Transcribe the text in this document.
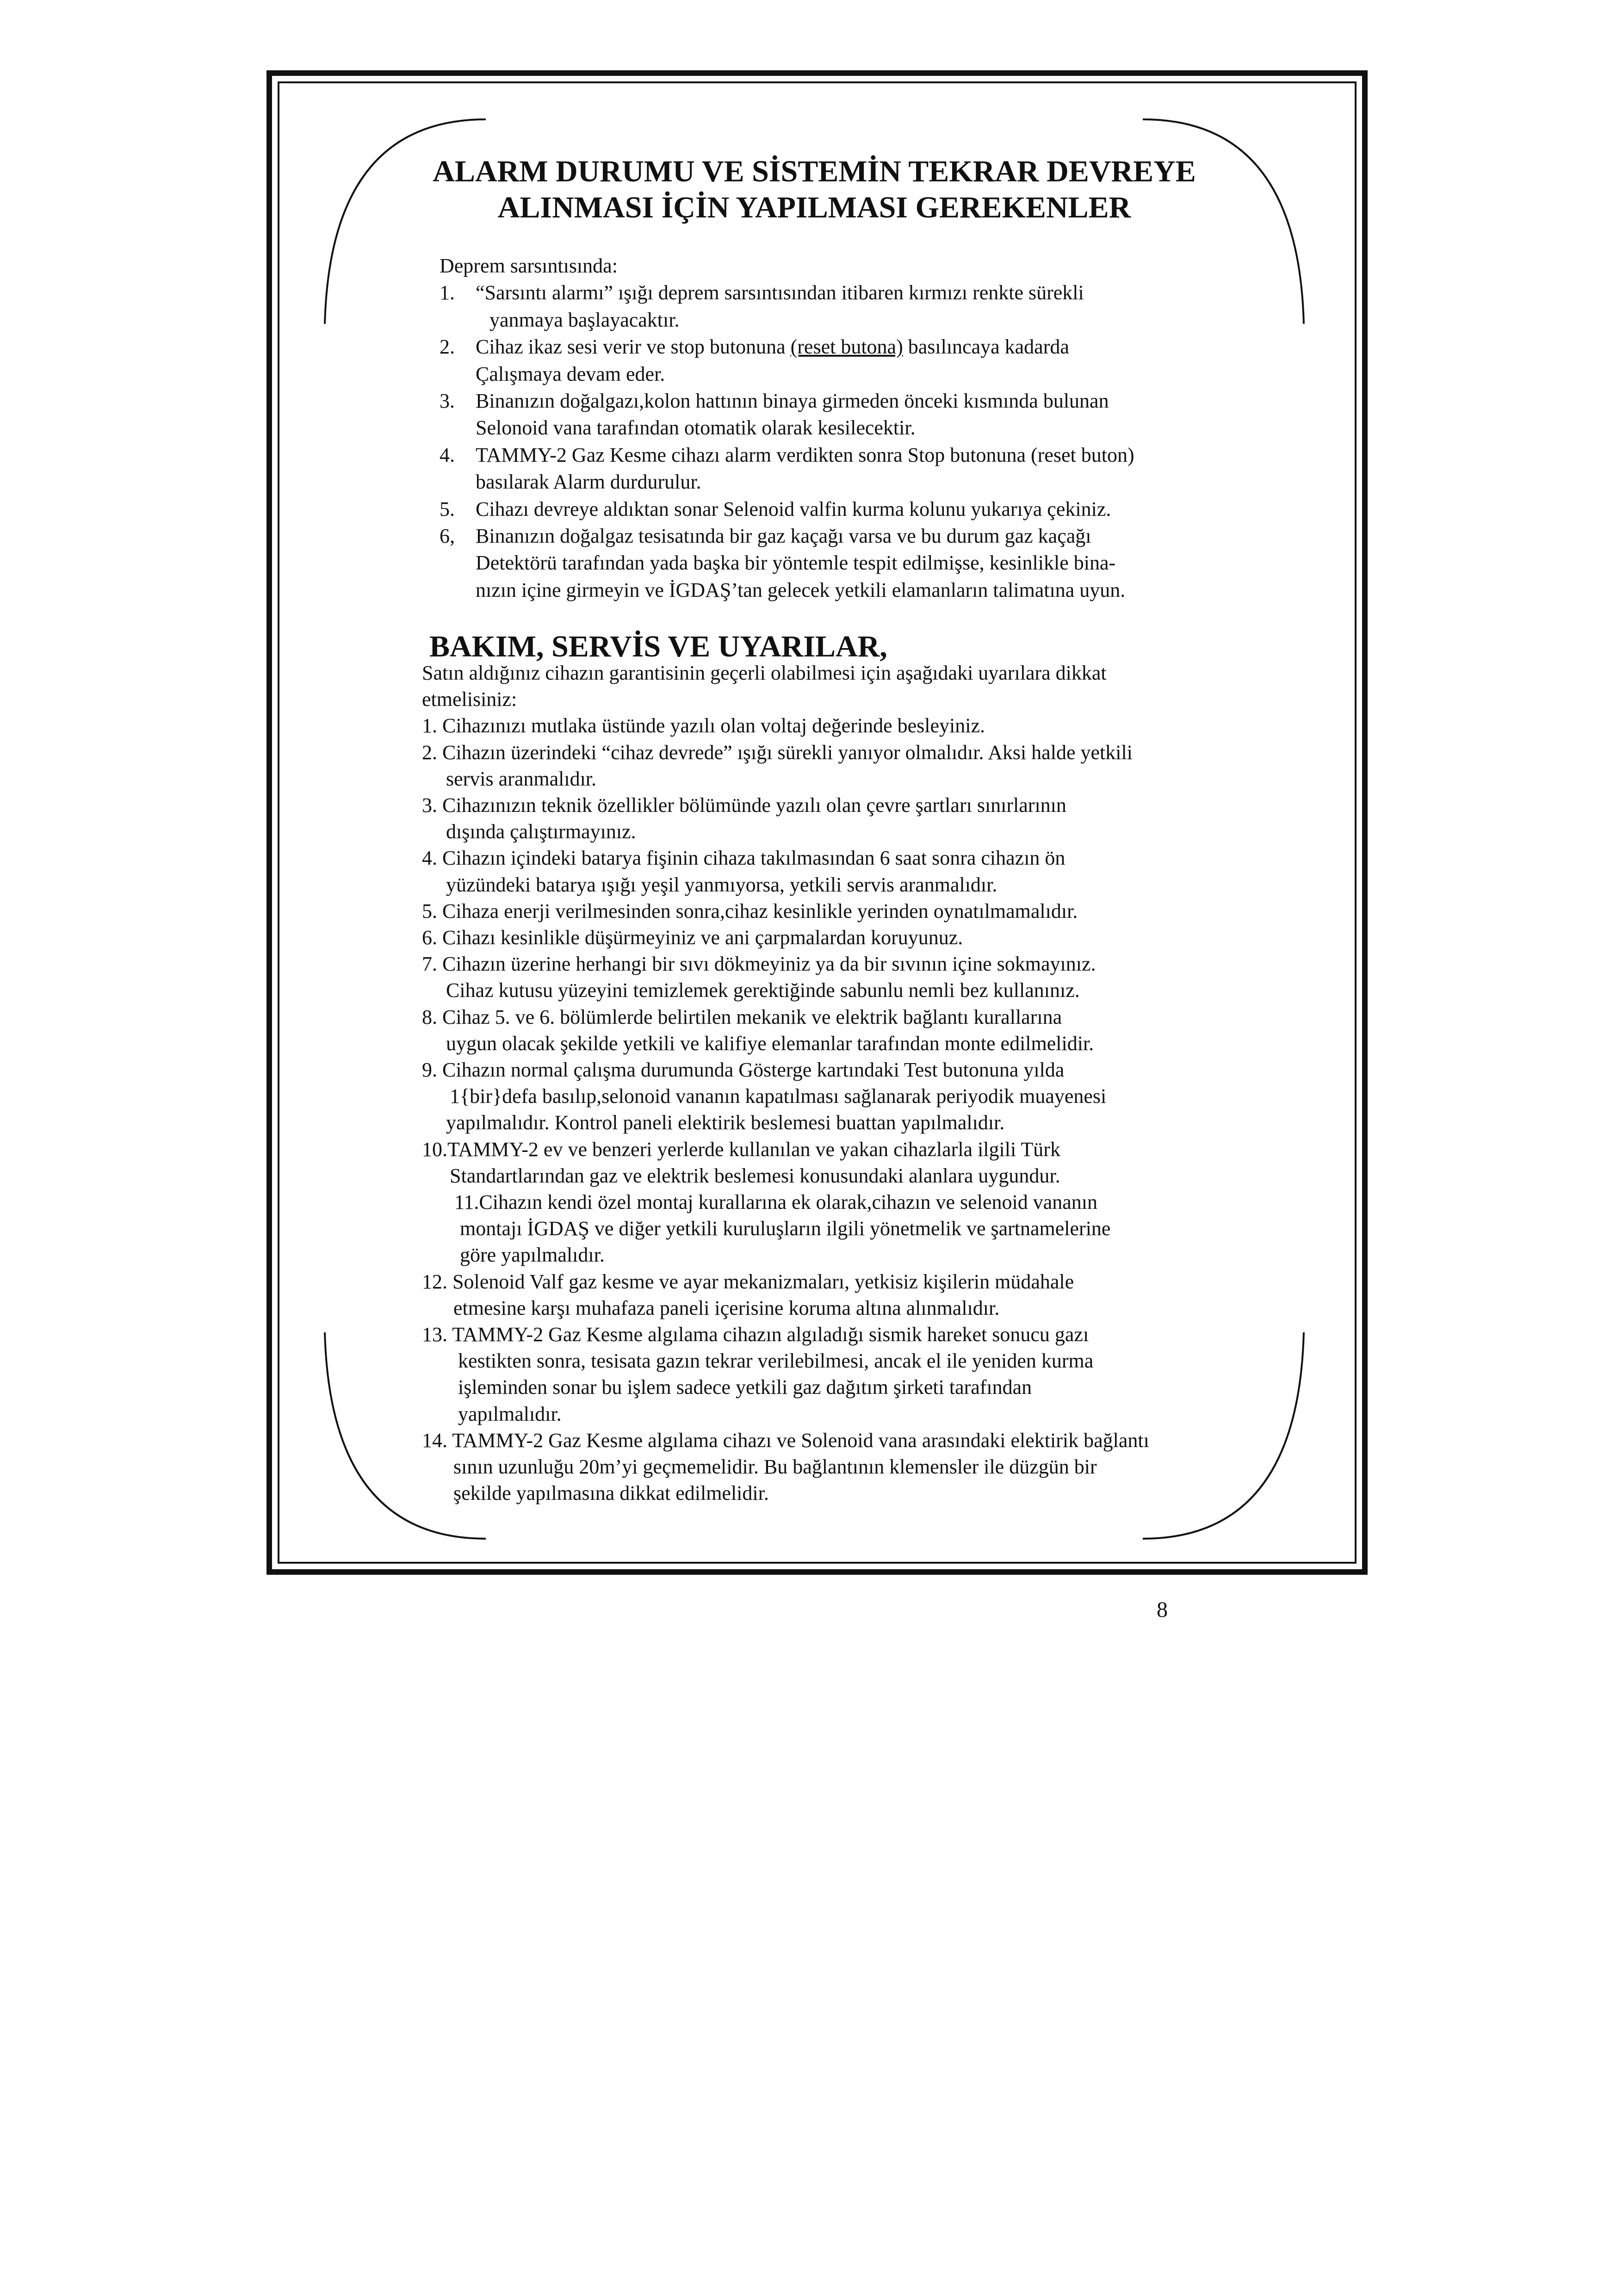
ALARM DURUMU VE SİSTEMİN TEKRAR DEVREYE
ALINMASI İÇİN YAPILMASI GEREKENLER
Deprem sarsıntısında:
1. “Sarsıntı alarmı” ışığı deprem sarsıntısından itibaren kırmızı renkte sürekli
yanmaya başlayacaktır.
2. Cihaz ikaz sesi verir ve stop butonuna (reset butona) basılıncaya kadarda
Çalışmaya devam eder.
3. Binanızın doğalgazı,kolon hattının binaya girmeden önceki kısmında bulunan
Selonoid vana tarafından otomatik olarak kesilecektir.
4. TAMMY-2 Gaz Kesme cihazı alarm verdikten sonra Stop butonuna (reset buton)
basılarak Alarm durdurulur.
5. Cihazı devreye aldıktan sonar Selenoid valfin kurma kolunu yukarıya çekiniz.
6, Binanızın doğalgaz tesisatında bir gaz kaçağı varsa ve bu durum gaz kaçağı
Detektörü tarafından yada başka bir yöntemle tespit edilmişse, kesinlikle bina-
nızın içine girmeyin ve İGDAŞ’tan gelecek yetkili elamanların talimatına uyun.
BAKIM, SERVİS VE UYARILAR,
Satın aldığınız cihazın garantisinin geçerli olabilmesi için aşağıdaki uyarılara dikkat
etmelisiniz:
1. Cihazınızı mutlaka üstünde yazılı olan voltaj değerinde besleyiniz.
2. Cihazın üzerindeki “cihaz devrede” ışığı sürekli yanıyor olmalıdır. Aksi halde yetkili
servis aranmalıdır.
3. Cihazınızın teknik özellikler bölümünde yazılı olan çevre şartları sınırlarının
dışında çalıştırmayınız.
4. Cihazın içindeki batarya fişinin cihaza takılmasından 6 saat sonra cihazın ön
yüzündeki batarya ışığı yeşil yanmıyorsa, yetkili servis aranmalıdır.
5. Cihaza enerji verilmesinden sonra,cihaz kesinlikle yerinden oynatılmamalıdır.
6. Cihazı kesinlikle düşürmeyiniz ve ani çarpmalardan koruyunuz.
7. Cihazın üzerine herhangi bir sıvı dökmeyiniz ya da bir sıvının içine sokmayınız.
Cihaz kutusu yüzeyini temizlemek gerektiğinde sabunlu nemli bez kullanınız.
8. Cihaz 5. ve 6. bölümlerde belirtilen mekanik ve elektrik bağlantı kurallarına
uygun olacak şekilde yetkili ve kalifiye elemanlar tarafından monte edilmelidir.
9. Cihazın normal çalışma durumunda Gösterge kartındaki Test butonuna yılda
1{bir}defa basılıp,selonoid vananın kapatılması sağlanarak periyodik muayenesi
yapılmalıdır. Kontrol paneli elektirik beslemesi buattan yapılmalıdır.
10.TAMMY-2 ev ve benzeri yerlerde kullanılan ve yakan cihazlarla ilgili Türk
Standartlarından gaz ve elektrik beslemesi konusundaki alanlara uygundur.
11.Cihazın kendi özel montaj kurallarına ek olarak,cihazın ve selenoid vananın
montajı İGDAŞ ve diğer yetkili kuruluşların ilgili yönetmelik ve şartnamelerine
göre yapılmalıdır.
12. Solenoid Valf gaz kesme ve ayar mekanizmaları, yetkisiz kişilerin müdahale
etmesine karşı muhafaza paneli içerisine koruma altına alınmalıdır.
13. TAMMY-2 Gaz Kesme algılama cihazın algıladığı sismik hareket sonucu gazı
kestikten sonra, tesisata gazın tekrar verilebilmesi, ancak el ile yeniden kurma
işleminden sonar bu işlem sadece yetkili gaz dağıtım şirketi tarafından
yapılmalıdır.
14. TAMMY-2 Gaz Kesme algılama cihazı ve Solenoid vana arasındaki elektirik bağlantı
sının uzunluğu 20m’yi geçmemelidir. Bu bağlantının klemensler ile düzgün bir
şekilde yapılmasına dikkat edilmelidir.
8
